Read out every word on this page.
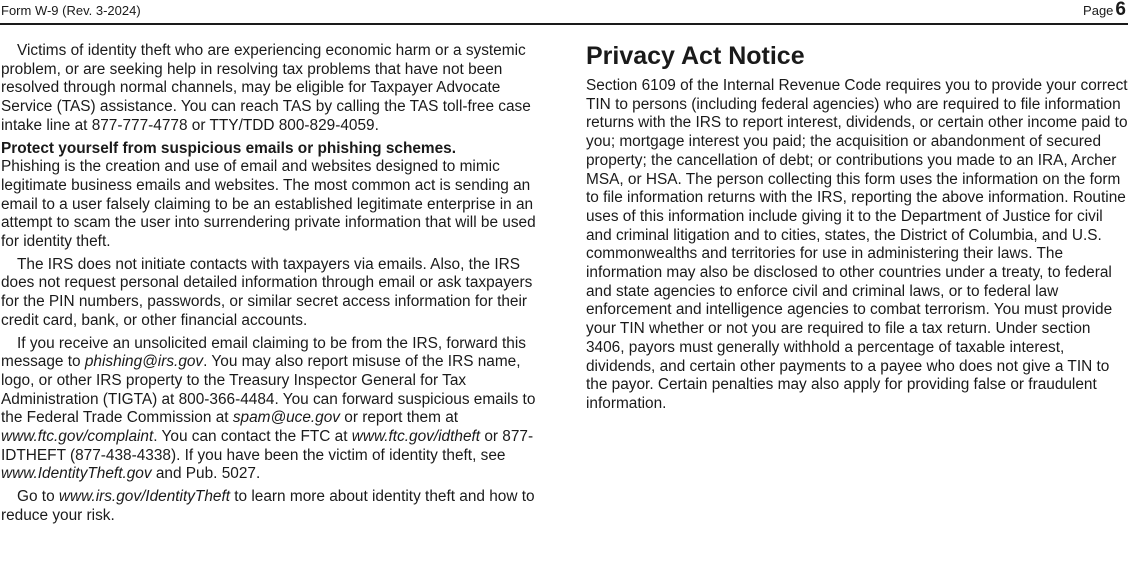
Form W-9 (Rev. 3-2024)	Page 6

Victims of identity theft who are experiencing economic harm or a systemic problem, or are seeking help in resolving tax problems that have not been resolved through normal channels, may be eligible for Taxpayer Advocate Service (TAS) assistance. You can reach TAS by calling the TAS toll-free case intake line at 877-777-4778 or TTY/TDD 800-829-4059.

Protect yourself from suspicious emails or phishing schemes.
Phishing is the creation and use of email and websites designed to mimic legitimate business emails and websites. The most common act is sending an email to a user falsely claiming to be an established legitimate enterprise in an attempt to scam the user into surrendering private information that will be used for identity theft.

The IRS does not initiate contacts with taxpayers via emails. Also, the IRS does not request personal detailed information through email or ask taxpayers for the PIN numbers, passwords, or similar secret access information for their credit card, bank, or other financial accounts.

If you receive an unsolicited email claiming to be from the IRS, forward this message to phishing@irs.gov. You may also report misuse of the IRS name, logo, or other IRS property to the Treasury Inspector General for Tax Administration (TIGTA) at 800-366-4484. You can forward suspicious emails to the Federal Trade Commission at spam@uce.gov or report them at www.ftc.gov/complaint. You can contact the FTC at www.ftc.gov/idtheft or 877-IDTHEFT (877-438-4338). If you have been the victim of identity theft, see www.IdentityTheft.gov and Pub. 5027.

Go to www.irs.gov/IdentityTheft to learn more about identity theft and how to reduce your risk.

Privacy Act Notice

Section 6109 of the Internal Revenue Code requires you to provide your correct TIN to persons (including federal agencies) who are required to file information returns with the IRS to report interest, dividends, or certain other income paid to you; mortgage interest you paid; the acquisition or abandonment of secured property; the cancellation of debt; or contributions you made to an IRA, Archer MSA, or HSA. The person collecting this form uses the information on the form to file information returns with the IRS, reporting the above information. Routine uses of this information include giving it to the Department of Justice for civil and criminal litigation and to cities, states, the District of Columbia, and U.S. commonwealths and territories for use in administering their laws. The information may also be disclosed to other countries under a treaty, to federal and state agencies to enforce civil and criminal laws, or to federal law enforcement and intelligence agencies to combat terrorism. You must provide your TIN whether or not you are required to file a tax return. Under section 3406, payors must generally withhold a percentage of taxable interest, dividends, and certain other payments to a payee who does not give a TIN to the payor. Certain penalties may also apply for providing false or fraudulent information.
